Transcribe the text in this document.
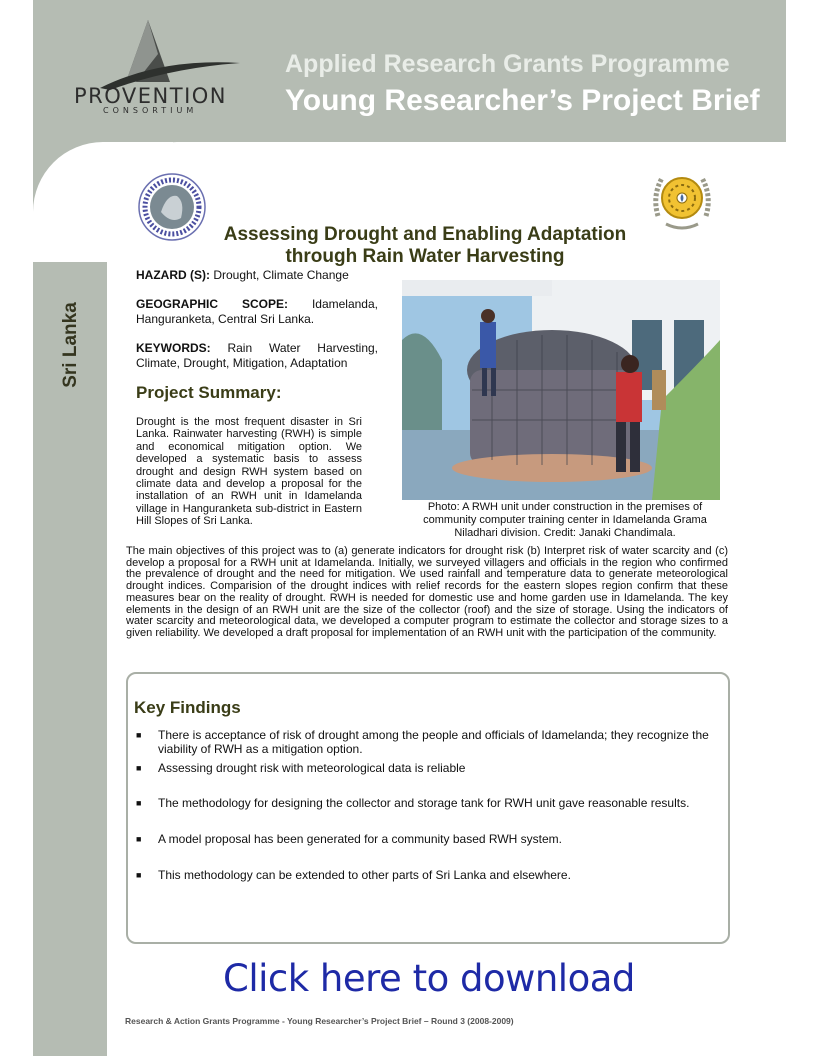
PROVENTION
CONSORTIUM
Applied Research Grants Programme
Young Researcher’s Project Brief
Sri Lanka
Assessing Drought and Enabling Adaptation
through Rain Water Harvesting
HAZARD (S): Drought, Climate Change
GEOGRAPHIC SCOPE: Idamelanda, Hanguranketa, Central Sri Lanka.
KEYWORDS: Rain Water Harvesting, Climate, Drought, Mitigation, Adaptation
Project Summary:
Drought is the most frequent disaster in Sri Lanka. Rainwater harvesting (RWH) is simple and economical mitigation option. We developed a systematic basis to assess drought and design RWH system based on climate data and develop a proposal for the installation of an RWH unit in Idamelanda village in Hanguranketa sub-district in Eastern Hill Slopes of Sri Lanka.
Photo: A RWH unit under construction in the premises of community computer training center in Idamelanda Grama Niladhari division. Credit: Janaki Chandimala.
The main objectives of this project was to (a) generate indicators for drought risk (b) Interpret risk of water scarcity and (c) develop a proposal for a RWH unit at Idamelanda. Initially, we surveyed villagers and officials in the region who confirmed the prevalence of drought and the need for mitigation. We used rainfall and temperature data to generate meteorological drought indices. Comparision of the drought indices with relief records for the eastern slopes region confirm that these measures bear on the reality of drought. RWH is needed for domestic use and home garden use in Idamelanda. The key elements in the design of an RWH unit are the size of the collector (roof) and the size of storage. Using the indicators of water scarcity and meteorological data, we developed a computer program to estimate the collector and storage sizes to a given reliability. We developed a draft proposal for implementation of an RWH unit with the participation of the community.
Key Findings
■ There is acceptance of risk of drought among the people and officials of Idamelanda; they recognize the viability of RWH as a mitigation option.
■ Assessing drought risk with meteorological data is reliable
■ The methodology for designing the collector and storage tank for RWH unit gave reasonable results.
■ A model proposal has been generated for a community based RWH system.
■ This methodology can be extended to other parts of Sri Lanka and elsewhere.
Click here to download
Research & Action Grants Programme - Young Researcher’s Project Brief – Round 3 (2008-2009)
